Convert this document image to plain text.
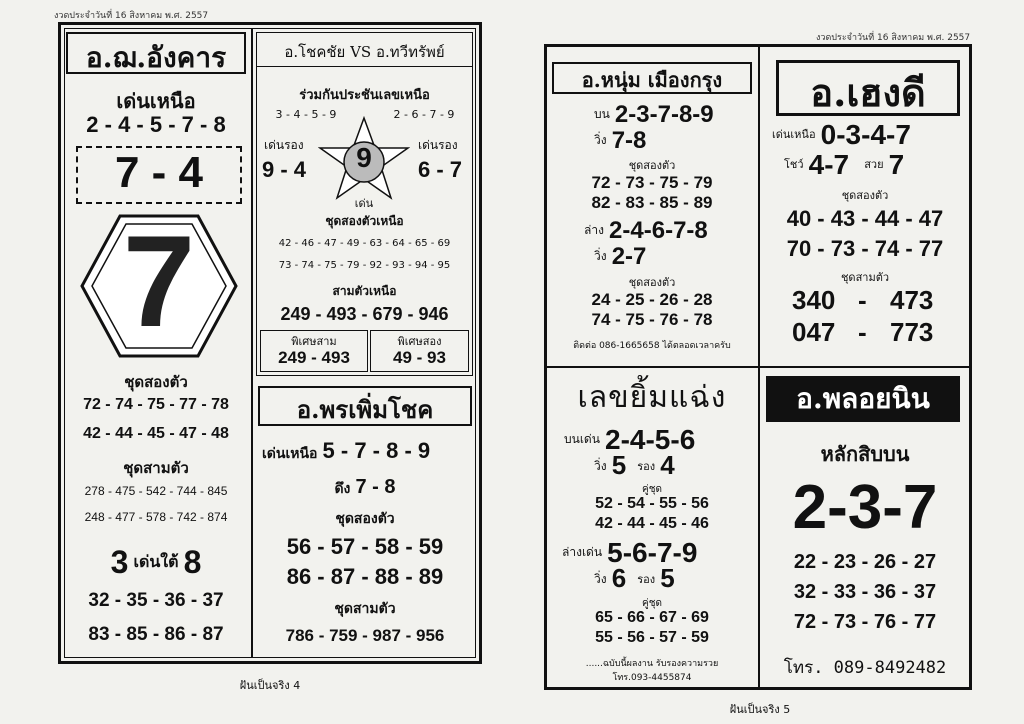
งวดประจำวันที่ 16 สิงหาคม พ.ศ. 2557
อ.ฌ.อังคาร
เด่นเหนือ
2 - 4 - 5 - 7 - 8
7 - 4
7
ชุดสองตัว
72 - 74 - 75 - 77 - 78
42 - 44 - 45 - 47 - 48
ชุดสามตัว
278 - 475 - 542 - 744 - 845
248 - 477 - 578 - 742 - 874
3 เด่นใต้ 8
32 - 35 - 36 - 37
83 - 85 - 86 - 87
อ.โชคชัย VS อ.ทวีทรัพย์
ร่วมกันประชันเลขเหนือ
3 - 4 - 5 - 9	2 - 6 - 7 - 9
เด่นรอง
9 - 4
เด่นรอง
6 - 7
9
เด่น
ชุดสองตัวเหนือ
42 - 46 - 47 - 49 - 63 - 64 - 65 - 69
73 - 74 - 75 - 79 - 92 - 93 - 94 - 95
สามตัวเหนือ
249 - 493 - 679 - 946
พิเศษสาม
249 - 493
พิเศษสอง
49 - 93
อ.พรเพิ่มโชค
เด่นเหนือ 5 - 7 - 8 - 9
ดึง 7 - 8
ชุดสองตัว
56 - 57 - 58 - 59
86 - 87 - 88 - 89
ชุดสามตัว
786 - 759 - 987 - 956
ฝันเป็นจริง 4
งวดประจำวันที่ 16 สิงหาคม พ.ศ. 2557
อ.หนุ่ม เมืองกรุง
$^{บน}$ 2-3-7-8-9
$^{วิ่ง}$ 7-8
ชุดสองตัว
72 - 73 - 75 - 79
82 - 83 - 85 - 89
$^{ล่าง}$ 2-4-6-7-8
$^{วิ่ง}$ 2-7
ชุดสองตัว
24 - 25 - 26 - 28
74 - 75 - 76 - 78
ติดต่อ 086-1665658 ได้ตลอดเวลาครับ
อ.เฮงดี
$^{เด่นเหนือ}$ 0-3-4-7
$^{โชว์}$ 4-7 $^{สวย}$ 7
ชุดสองตัว
40 - 43 - 44 - 47
70 - 73 - 74 - 77
ชุดสามตัว
340 - 473
047 - 773
เลขยิ้มแฉ่ง
$^{บนเด่น}$ 2-4-5-6
$^{วิ่ง}$ 5 $^{รอง}$ 4
คู่ชุด
52 - 54 - 55 - 56
42 - 44 - 45 - 46
$^{ล่างเด่น}$ 5-6-7-9
$^{วิ่ง}$ 6 $^{รอง}$ 5
คู่ชุด
65 - 66 - 67 - 69
55 - 56 - 57 - 59
......ฉบับนี้ผลงาน รับรองความรวย
โทร.093-4455874
อ.พลอยนิน
หลักสิบบน
2-3-7
22 - 23 - 26 - 27
32 - 33 - 36 - 37
72 - 73 - 76 - 77
โทร. 089-8492482
ฝันเป็นจริง 5
